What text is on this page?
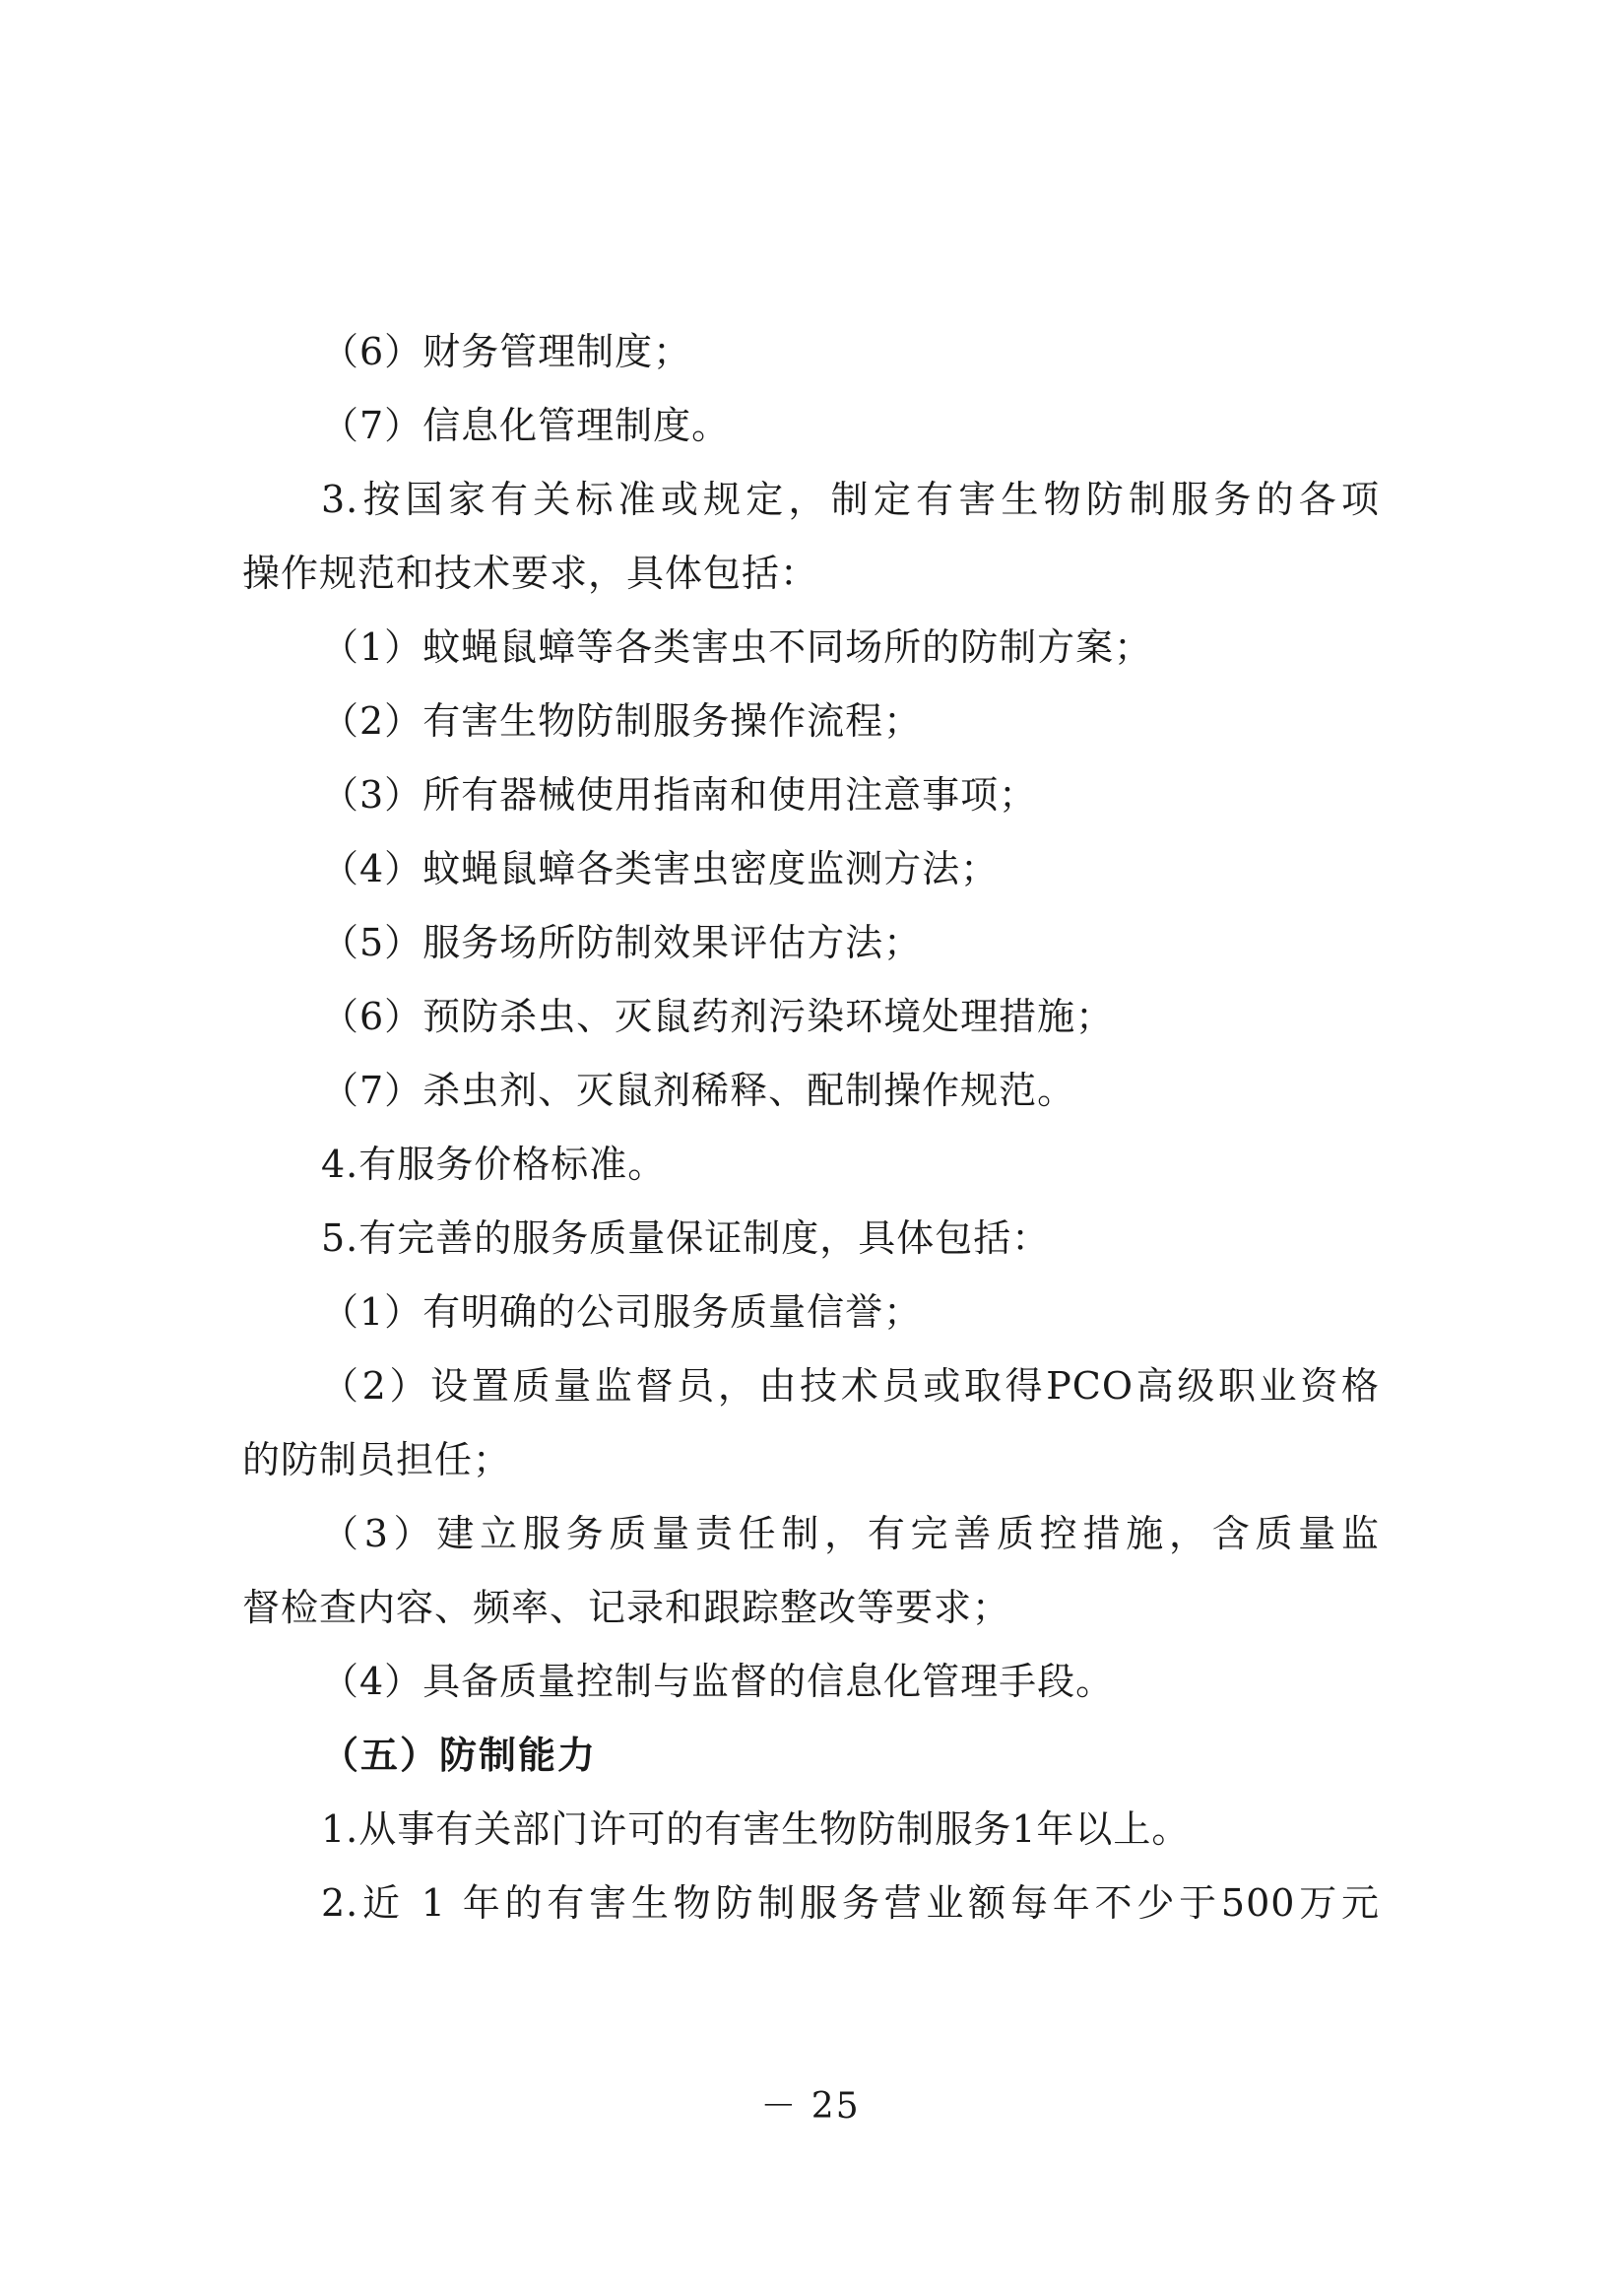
（6）财务管理制度；
（7）信息化管理制度。
3.按国家有关标准或规定，制定有害生物防制服务的各项
操作规范和技术要求，具体包括：
（1）蚊蝇鼠蟑等各类害虫不同场所的防制方案；
（2）有害生物防制服务操作流程；
（3）所有器械使用指南和使用注意事项；
（4）蚊蝇鼠蟑各类害虫密度监测方法；
（5）服务场所防制效果评估方法；
（6）预防杀虫、灭鼠药剂污染环境处理措施；
（7）杀虫剂、灭鼠剂稀释、配制操作规范。
4.有服务价格标准。
5.有完善的服务质量保证制度，具体包括：
（1）有明确的公司服务质量信誉；
（2）设置质量监督员，由技术员或取得PCO高级职业资格
的防制员担任；
（3）建立服务质量责任制，有完善质控措施，含质量监
督检查内容、频率、记录和跟踪整改等要求；
（4）具备质量控制与监督的信息化管理手段。
（五）防制能力
1.从事有关部门许可的有害生物防制服务1年以上。
2.近 1 年的有害生物防制服务营业额每年不少于500万元
－ 25
